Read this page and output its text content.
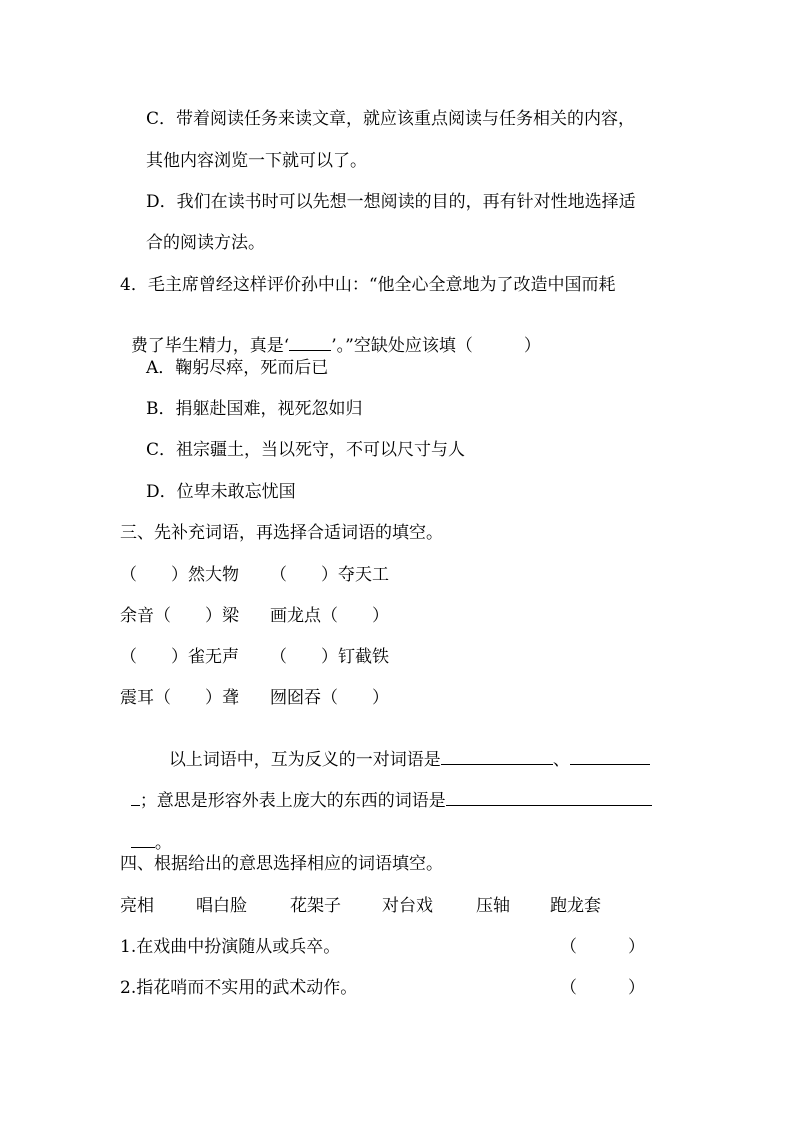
C．带着阅读任务来读文章，就应该重点阅读与任务相关的内容，
其他内容浏览一下就可以了。
D．我们在读书时可以先想一想阅读的目的，再有针对性地选择适
合的阅读方法。
4．毛主席曾经这样评价孙中山：“他全心全意地为了改造中国而耗

费了毕生精力，真是‘ ’。”空缺处应该填（　　　）

A．鞠躬尽瘁，死而后已
B．捐躯赴国难，视死忽如归
C．祖宗疆土，当以死守，不可以尺寸与人
D．位卑未敢忘忧国
三、先补充词语，再选择合适词语的填空。
（　　）然大物 （　　）夺天工
余音（　　）梁 画龙点（　　）
（　　）雀无声 （　　）钉截铁
震耳（　　）聋 囫囵吞（　　）

以上词语中，互为反义的一对词语是	、

；意思是形容外表上庞大的东西的词语是

。

四、根据给出的意思选择相应的词语填空。
亮相 唱白脸	花架子 对台戏	压轴 跑龙套
1.在戏曲中扮演随从或兵卒。	（　　　）
2.指花哨而不实用的武术动作。	（　　　）
